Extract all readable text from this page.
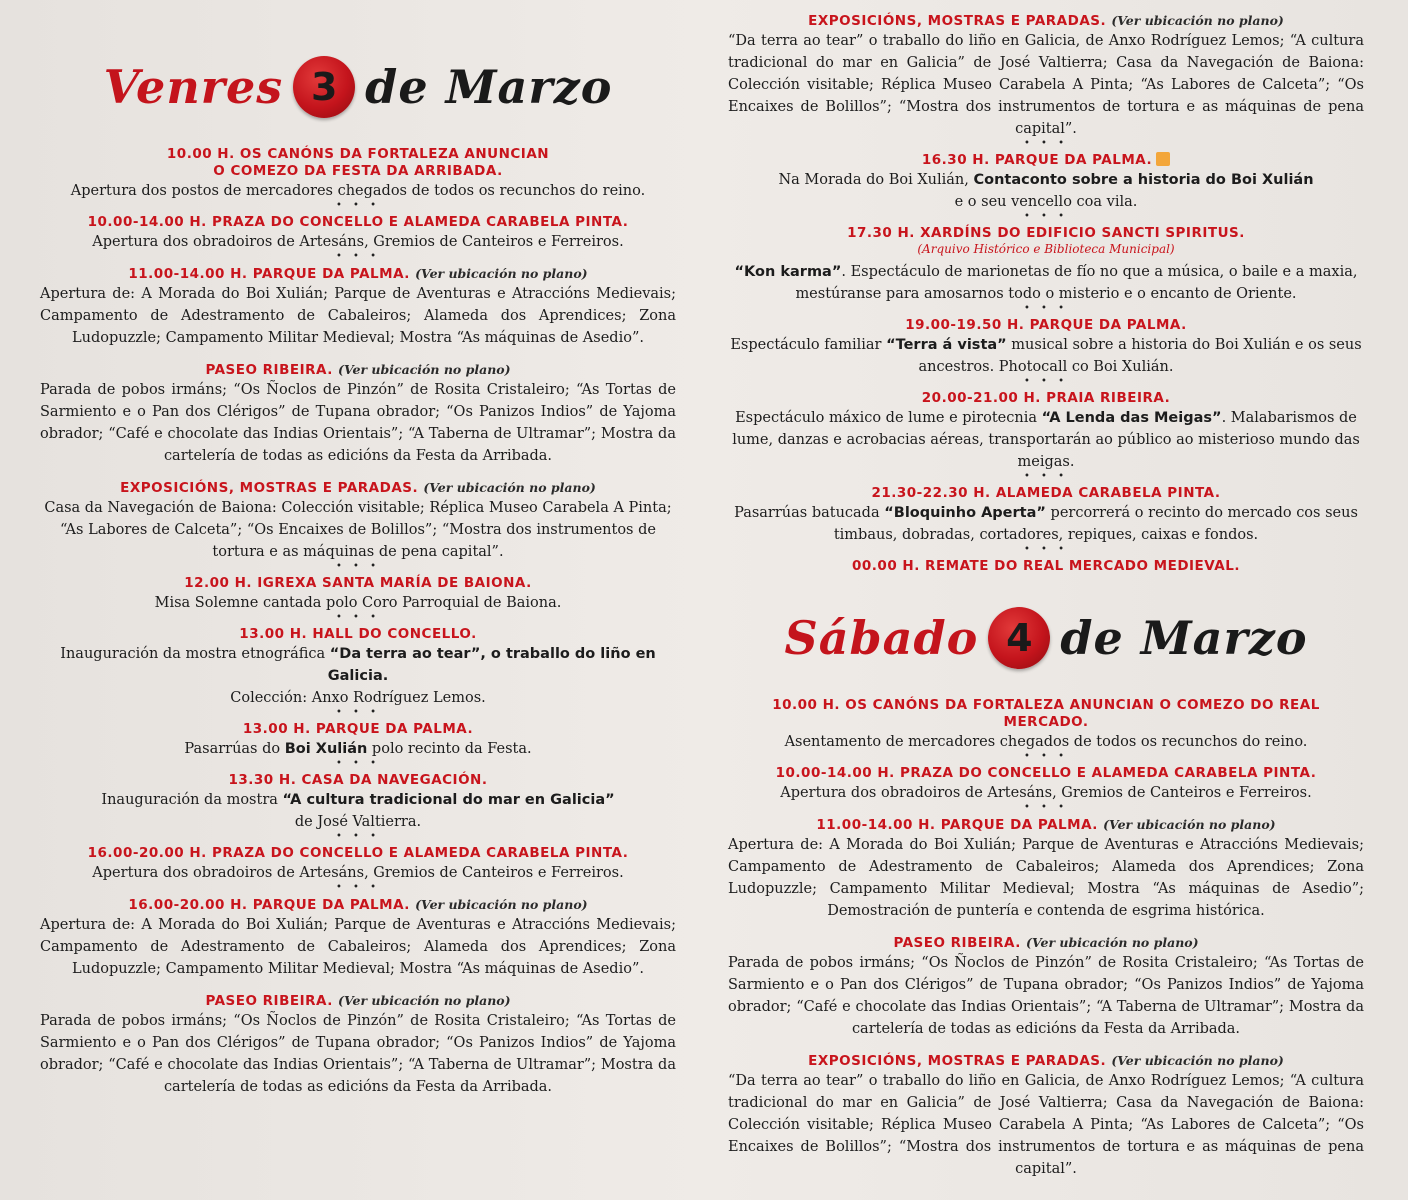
Venres 3 de Marzo
10.00 H. OS CANÓNS DA FORTALEZA ANUNCIAN
O COMEZO DA FESTA DA ARRIBADA.
Apertura dos postos de mercadores chegados de todos os recunchos do reino.
• • •
10.00-14.00 H. PRAZA DO CONCELLO E ALAMEDA CARABELA PINTA.
Apertura dos obradoiros de Artesáns, Gremios de Canteiros e Ferreiros.
• • •
11.00-14.00 H. PARQUE DA PALMA. (Ver ubicación no plano)
Apertura de: A Morada do Boi Xulián; Parque de Aventuras e Atraccións Medievais; Campamento de Adestramento de Cabaleiros; Alameda dos Aprendices; Zona Ludopuzzle; Campamento Militar Medieval; Mostra “As máquinas de Asedio”.
PASEO RIBEIRA. (Ver ubicación no plano)
Parada de pobos irmáns; “Os Ñoclos de Pinzón” de Rosita Cristaleiro; “As Tortas de Sarmiento e o Pan dos Clérigos” de Tupana obrador; “Os Panizos Indios” de Yajoma obrador; “Café e chocolate das Indias Orientais”; “A Taberna de Ultramar”; Mostra da cartelería de todas as edicións da Festa da Arribada.
EXPOSICIÓNS, MOSTRAS E PARADAS. (Ver ubicación no plano)
Casa da Navegación de Baiona: Colección visitable; Réplica Museo Carabela A Pinta; “As Labores de Calceta”; “Os Encaixes de Bolillos”; “Mostra dos instrumentos de tortura e as máquinas de pena capital”.
• • •
12.00 H. IGREXA SANTA MARÍA DE BAIONA.
Misa Solemne cantada polo Coro Parroquial de Baiona.
• • •
13.00 H. HALL DO CONCELLO.
Inauguración da mostra etnográfica “Da terra ao tear”, o traballo do liño en Galicia.
Colección: Anxo Rodríguez Lemos.
• • •
13.00 H. PARQUE DA PALMA.
Pasarrúas do Boi Xulián polo recinto da Festa.
• • •
13.30 H. CASA DA NAVEGACIÓN.
Inauguración da mostra “A cultura tradicional do mar en Galicia”
de José Valtierra.
• • •
16.00-20.00 H. PRAZA DO CONCELLO E ALAMEDA CARABELA PINTA.
Apertura dos obradoiros de Artesáns, Gremios de Canteiros e Ferreiros.
• • •
16.00-20.00 H. PARQUE DA PALMA. (Ver ubicación no plano)
Apertura de: A Morada do Boi Xulián; Parque de Aventuras e Atraccións Medievais; Campamento de Adestramento de Cabaleiros; Alameda dos Aprendices; Zona Ludopuzzle; Campamento Militar Medieval; Mostra “As máquinas de Asedio”.
PASEO RIBEIRA. (Ver ubicación no plano)
Parada de pobos irmáns; “Os Ñoclos de Pinzón” de Rosita Cristaleiro; “As Tortas de Sarmiento e o Pan dos Clérigos” de Tupana obrador; “Os Panizos Indios” de Yajoma obrador; “Café e chocolate das Indias Orientais”; “A Taberna de Ultramar”; Mostra da cartelería de todas as edicións da Festa da Arribada.
EXPOSICIÓNS, MOSTRAS E PARADAS. (Ver ubicación no plano)
“Da terra ao tear” o traballo do liño en Galicia, de Anxo Rodríguez Lemos; “A cultura tradicional do mar en Galicia” de José Valtierra; Casa da Navegación de Baiona: Colección visitable; Réplica Museo Carabela A Pinta; “As Labores de Calceta”; “Os Encaixes de Bolillos”; “Mostra dos instrumentos de tortura e as máquinas de pena capital”.
• • •
16.30 H. PARQUE DA PALMA.
Na Morada do Boi Xulián, Contaconto sobre a historia do Boi Xulián
e o seu vencello coa vila.
• • •
17.30 H. XARDÍNS DO EDIFICIO SANCTI SPIRITUS.
(Arquivo Histórico e Biblioteca Municipal)
“Kon karma”. Espectáculo de marionetas de fío no que a música, o baile e a maxia, mestúranse para amosarnos todo o misterio e o encanto de Oriente.
• • •
19.00-19.50 H. PARQUE DA PALMA.
Espectáculo familiar “Terra á vista” musical sobre a historia do Boi Xulián e os seus ancestros. Photocall co Boi Xulián.
• • •
20.00-21.00 H. PRAIA RIBEIRA.
Espectáculo máxico de lume e pirotecnia “A Lenda das Meigas”. Malabarismos de lume, danzas e acrobacias aéreas, transportarán ao público ao misterioso mundo das meigas.
• • •
21.30-22.30 H. ALAMEDA CARABELA PINTA.
Pasarrúas batucada “Bloquinho Aperta” percorrerá o recinto do mercado cos seus timbaus, dobradas, cortadores, repiques, caixas e fondos.
• • •
00.00 H. REMATE DO REAL MERCADO MEDIEVAL.
Sábado 4 de Marzo
10.00 H. OS CANÓNS DA FORTALEZA ANUNCIAN O COMEZO DO REAL MERCADO.
Asentamento de mercadores chegados de todos os recunchos do reino.
• • •
10.00-14.00 H. PRAZA DO CONCELLO E ALAMEDA CARABELA PINTA.
Apertura dos obradoiros de Artesáns, Gremios de Canteiros e Ferreiros.
• • •
11.00-14.00 H. PARQUE DA PALMA. (Ver ubicación no plano)
Apertura de: A Morada do Boi Xulián; Parque de Aventuras e Atraccións Medievais; Campamento de Adestramento de Cabaleiros; Alameda dos Aprendices; Zona Ludopuzzle; Campamento Militar Medieval; Mostra “As máquinas de Asedio”; Demostración de puntería e contenda de esgrima histórica.
PASEO RIBEIRA. (Ver ubicación no plano)
Parada de pobos irmáns; “Os Ñoclos de Pinzón” de Rosita Cristaleiro; “As Tortas de Sarmiento e o Pan dos Clérigos” de Tupana obrador; “Os Panizos Indios” de Yajoma obrador; “Café e chocolate das Indias Orientais”; “A Taberna de Ultramar”; Mostra da cartelería de todas as edicións da Festa da Arribada.
EXPOSICIÓNS, MOSTRAS E PARADAS. (Ver ubicación no plano)
“Da terra ao tear” o traballo do liño en Galicia, de Anxo Rodríguez Lemos; “A cultura tradicional do mar en Galicia” de José Valtierra; Casa da Navegación de Baiona: Colección visitable; Réplica Museo Carabela A Pinta; “As Labores de Calceta”; “Os Encaixes de Bolillos”; “Mostra dos instrumentos de tortura e as máquinas de pena capital”.
